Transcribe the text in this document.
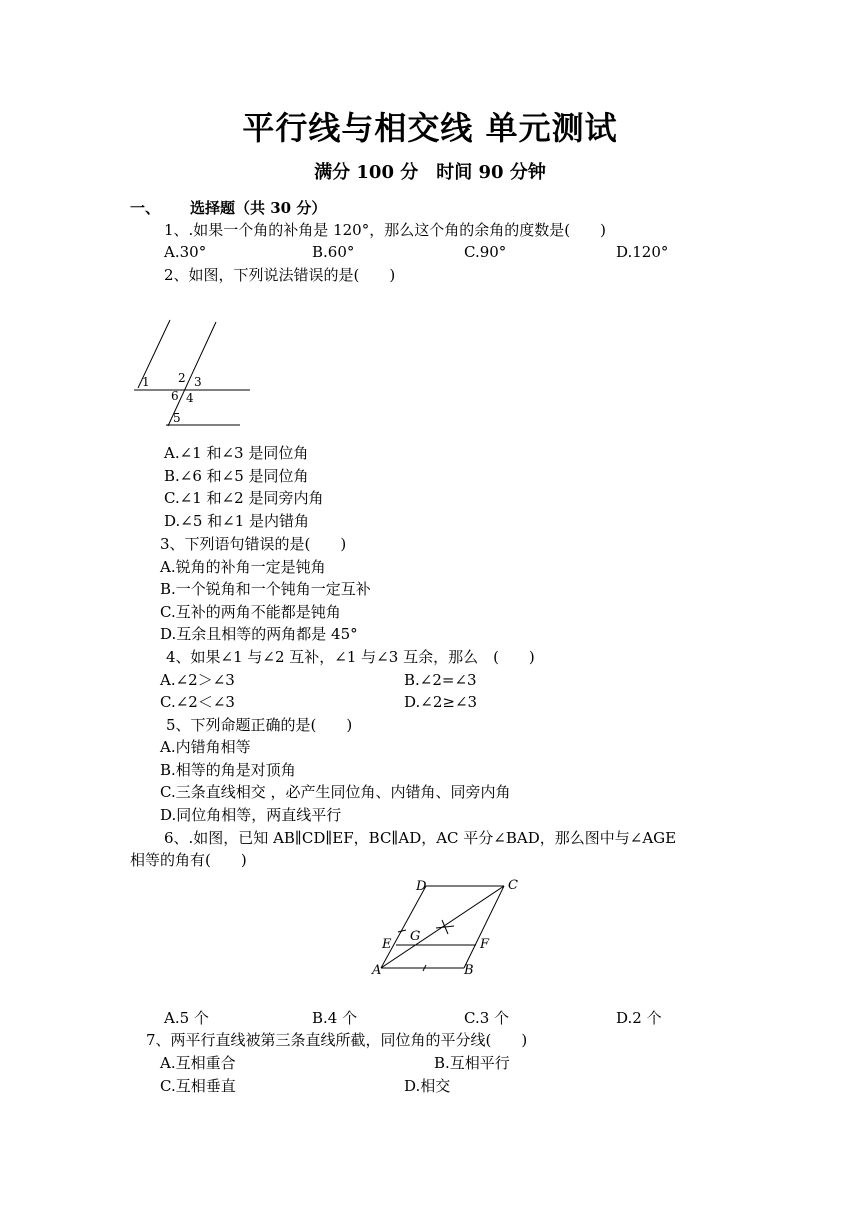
平行线与相交线 单元测试
满分 100 分　时间 90 分钟
一、 选择题（共 30 分）
1、.如果一个角的补角是 120°，那么这个角的余角的度数是(　　)
A.30°	B.60°	C.90°	D.120°
2、如图，下列说法错误的是(　　)
1 2 3
6 4
5
A.∠1 和∠3 是同位角
B.∠6 和∠5 是同位角
C.∠1 和∠2 是同旁内角
D.∠5 和∠1 是内错角
3、下列语句错误的是(　　)
A.锐角的补角一定是钝角
B.一个锐角和一个钝角一定互补
C.互补的两角不能都是钝角
D.互余且相等的两角都是 45°
4、如果∠1 与∠2 互补，∠1 与∠3 互余，那么　(　　)
A.∠2＞∠3	B.∠2=∠3
C.∠2＜∠3	D.∠2≥∠3
5、下列命题正确的是(　　)
A.内错角相等
B.相等的角是对顶角
C.三条直线相交 ，必产生同位角、内错角、同旁内角
D.同位角相等，两直线平行
6、.如图，已知 AB∥CD∥EF，BC∥AD，AC 平分∠BAD，那么图中与∠AGE
相等的角有(　　)
D	C
E
G
F
A	B
A.5 个	B.4 个	C.3 个	D.2 个
7、两平行直线被第三条直线所截，同位角的平分线(　　)
A.互相重合	B.互相平行
C.互相垂直	D.相交
